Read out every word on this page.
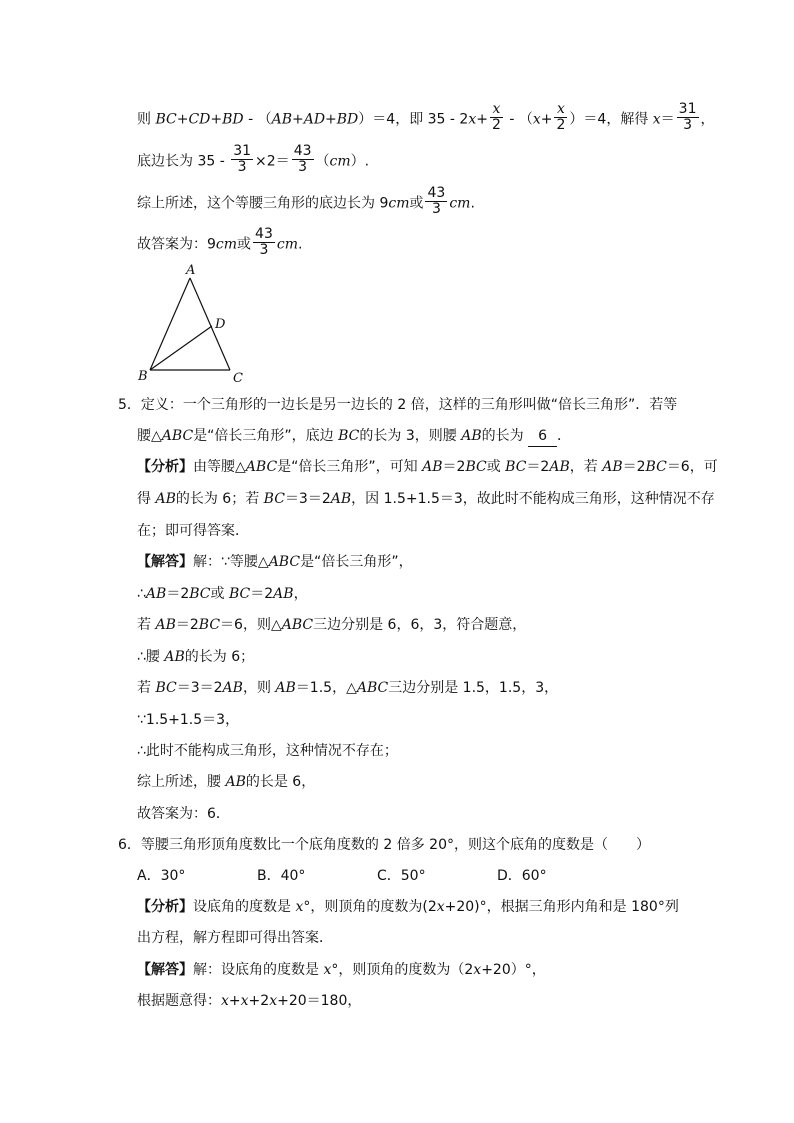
则 BC+CD+BD - （AB+AD+BD）＝4，即 $35 - 2x+ \frac{x}{2} - (x+ \frac{x}{2} )=4$，解得 $x= \frac{31}{3}$ ，
底边长为 $35 - \frac{31}{3} \times 2= \frac{43}{3} (cm)$.
综上所述，这个等腰三角形的底边长为 9cm或 $\frac{43}{3}$ cm.
故答案为：9cm或 $\frac{43}{3}$ cm.
A
B	C
D
5．定义：一个三角形的一边长是另一边长的 2 倍，这样的三角形叫做“倍长三角形”．若等
腰△ABC是“倍长三角形”，底边 BC的长为 3，则腰 AB的长为 6 ．
【分析】由等腰△ABC是“倍长三角形”，可知 AB＝2BC或 BC＝2AB，若 AB＝2BC＝6，可
得 AB的长为 6；若 BC＝3＝2AB，因 1.5+1.5＝3，故此时不能构成三角形，这种情况不存
在；即可得答案．
【解答】解：∵等腰△ABC是“倍长三角形”，
∴AB＝2BC或 BC＝2AB，
若 AB＝2BC＝6，则△ABC三边分别是 6，6，3，符合题意，
∴腰 AB的长为 6；
若 BC＝3＝2AB，则 AB＝1.5，△ABC三边分别是 1.5，1.5，3，
∵1.5+1.5＝3，
∴此时不能构成三角形，这种情况不存在；
综上所述，腰 AB的长是 6，
故答案为：6．
6．等腰三角形顶角度数比一个底角度数的 2 倍多 20°，则这个底角的度数是（　　）
A．30°	B．40°	C．50°	D．60°
【分析】设底角的度数是 x°，则顶角的度数为(2x+20)°，根据三角形内角和是 180°列
出方程，解方程即可得出答案．
【解答】解：设底角的度数是 x°，则顶角的度数为（2x+20）°，
根据题意得：x+x+2x+20＝180，
